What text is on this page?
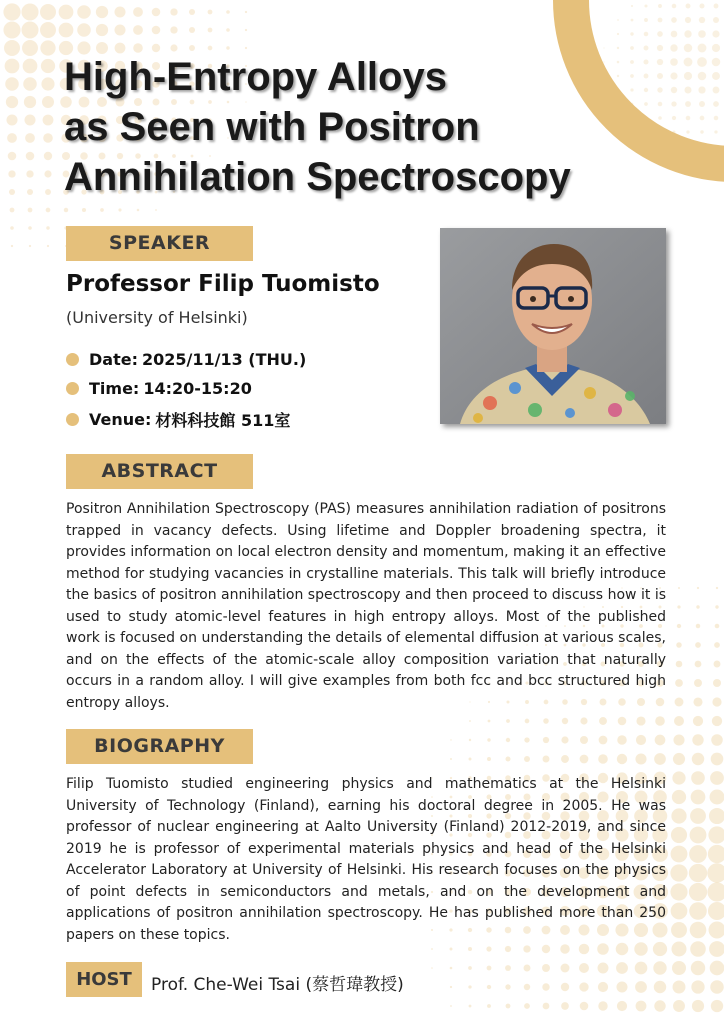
High-Entropy Alloys
as Seen with Positron
Annihilation Spectroscopy
SPEAKER
Professor Filip Tuomisto
(University of Helsinki)
Date: 2025/11/13 (THU.)
Time: 14:20-15:20
Venue: 材料科技館 511室
ABSTRACT

Positron Annihilation Spectroscopy (PAS) measures annihilation radiation of positrons trapped in vacancy defects. Using lifetime and Doppler broadening spectra, it provides information on local electron density and momentum, making it an effective method for studying vacancies in crystalline materials. This talk will briefly introduce the basics of positron annihilation spectroscopy and then proceed to discuss how it is used to study atomic-level features in high entropy alloys. Most of the published work is focused on understanding the details of elemental diffusion at various scales, and on the effects of the atomic-scale alloy composition variation that naturally occurs in a random alloy. I will give examples from both fcc and bcc structured high entropy alloys.

BIOGRAPHY

Filip Tuomisto studied engineering physics and mathematics at the Helsinki University of Technology (Finland), earning his doctoral degree in 2005. He was professor of nuclear engineering at Aalto University (Finland) 2012-2019, and since 2019 he is professor of experimental materials physics and head of the Helsinki Accelerator Laboratory at University of Helsinki. His research focuses on the physics of point defects in semiconductors and metals, and on the development and applications of positron annihilation spectroscopy. He has published more than 250 papers on these topics.

HOST	Prof. Che-Wei Tsai (蔡哲瑋教授)
